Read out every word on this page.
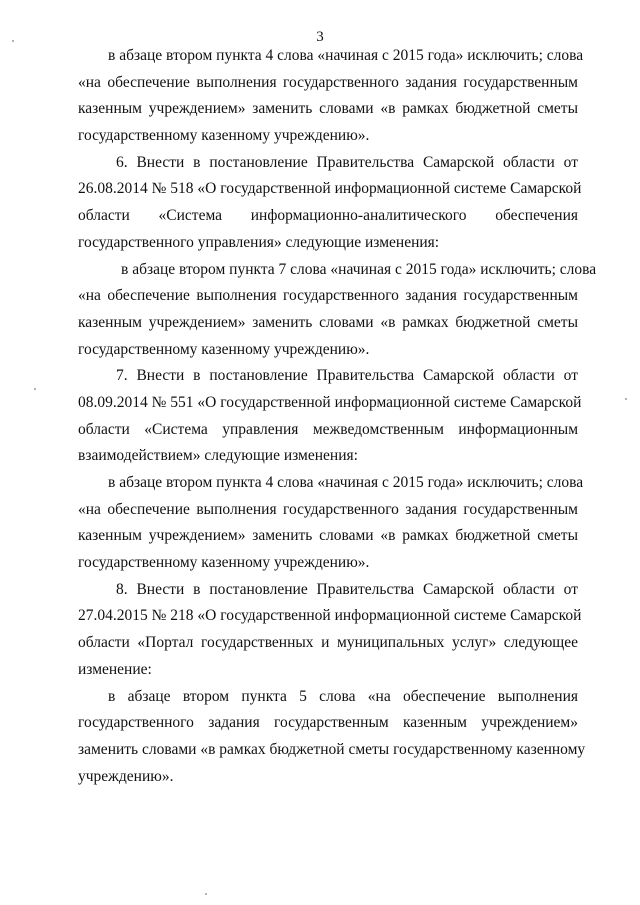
3
в абзаце втором пункта 4 слова «начиная с 2015 года» исключить; слова
«на обеспечение выполнения государственного задания государственным
казенным учреждением» заменить словами «в рамках бюджетной сметы
государственному казенному учреждению».
6. Внести в постановление Правительства Самарской области от
26.08.2014 № 518 «О государственной информационной системе Самарской
области «Система информационно-аналитического обеспечения
государственного управления» следующие изменения:
в абзаце втором пункта 7 слова «начиная с 2015 года» исключить; слова
«на обеспечение выполнения государственного задания государственным
казенным учреждением» заменить словами «в рамках бюджетной сметы
государственному казенному учреждению».
7. Внести в постановление Правительства Самарской области от
08.09.2014 № 551 «О государственной информационной системе Самарской
области «Система управления межведомственным информационным
взаимодействием» следующие изменения:
в абзаце втором пункта 4 слова «начиная с 2015 года» исключить; слова
«на обеспечение выполнения государственного задания государственным
казенным учреждением» заменить словами «в рамках бюджетной сметы
государственному казенному учреждению».
8. Внести в постановление Правительства Самарской области от
27.04.2015 № 218 «О государственной информационной системе Самарской
области «Портал государственных и муниципальных услуг» следующее
изменение:
в абзаце втором пункта 5 слова «на обеспечение выполнения
государственного задания государственным казенным учреждением»
заменить словами «в рамках бюджетной сметы государственному казенному
учреждению».
